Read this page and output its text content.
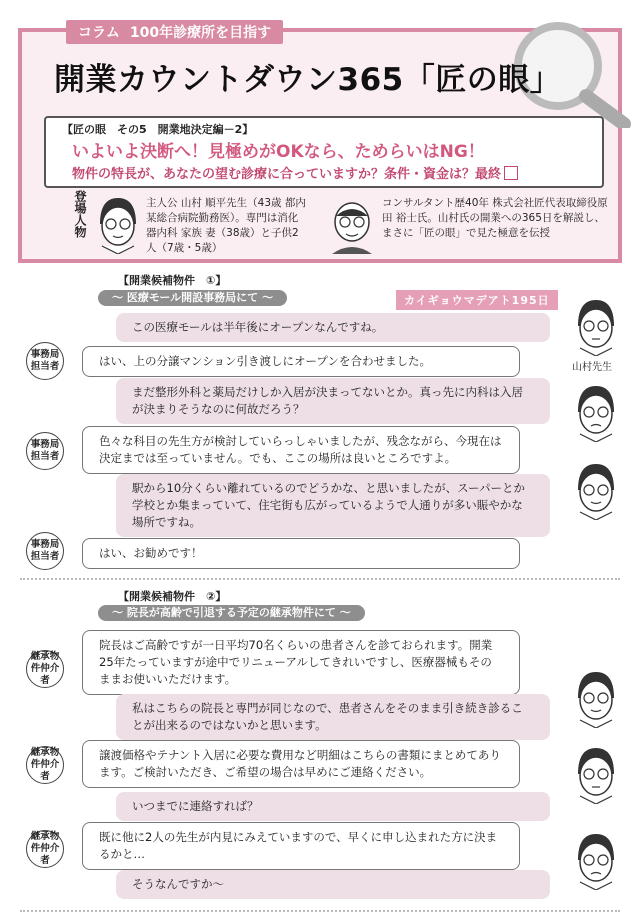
コラム 100年診療所を目指す
開業カウントダウン365「匠の眼」
【匠の眼　その5　開業地決定編－2】
いよいよ決断へ！見極めがOKなら、ためらいはNG！
物件の特長が、あなたの望む診療に合っていますか？条件・資金は？最終
登場人物	主人公 山村 順平先生（43歳 都内某総合病院勤務医）。専門は消化器内科 家族 妻（38歳）と子供2人（7歳・5歳）
コンサルタント歴40年 株式会社匠代表取締役原田 裕士氏。山村氏の開業への365日を解説し、まさに「匠の眼」で見た極意を伝授
【開業候補物件　①】
～ 医療モール開設事務局にて ～	カイギョウマデアト195日
この医療モールは半年後にオープンなんですね。
事務局担当者	はい、上の分譲マンション引き渡しにオープンを合わせました。
まだ整形外科と薬局だけしか入居が決まってないとか。真っ先に内科は入居が決まりそうなのに何故だろう？
事務局担当者
色々な科目の先生方が検討していらっしゃいましたが、残念ながら、今現在は決定までは至っていません。でも、ここの場所は良いところですよ。
駅から10分くらい離れているのでどうかな、と思いましたが、スーパーとか学校とか集まっていて、住宅街も広がっているようで人通りが多い賑やかな場所ですね。
事務局担当者	はい、お勧めです！
山村先生
【開業候補物件　②】
～ 院長が高齢で引退する予定の継承物件にて ～
継承物件仲介者
院長はご高齢ですが一日平均70名くらいの患者さんを診ておられます。開業25年たっていますが途中でリニューアルしてきれいですし、医療器械もそのままお使いいただけます。
私はこちらの院長と専門が同じなので、患者さんをそのまま引き続き診ることが出来るのではないかと思います。
継承物件仲介者
譲渡価格やテナント入居に必要な費用など明細はこちらの書類にまとめてあります。ご検討いただき、ご希望の場合は早めにご連絡ください。
いつまでに連絡すれば？
継承物件仲介者
既に他に2人の先生が内見にみえていますので、早くに申し込まれた方に決まるかと…
そうなんですか～
